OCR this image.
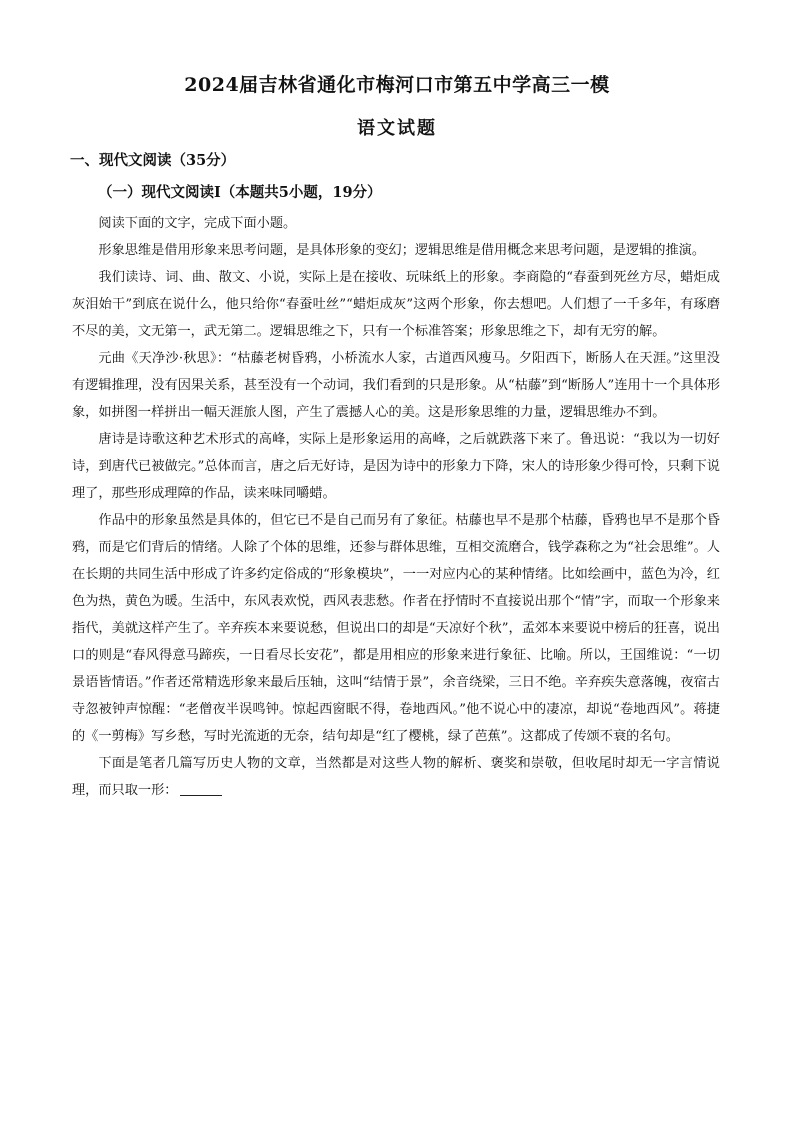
2024届吉林省通化市梅河口市第五中学高三一模
语文试题
一、现代文阅读（35分）
（一）现代文阅读Ⅰ（本题共5小题，19分）

阅读下面的文字，完成下面小题。

形象思维是借用形象来思考问题，是具体形象的变幻；逻辑思维是借用概念来思考问题，是逻辑的推演。

我们读诗、词、曲、散文、小说，实际上是在接收、玩味纸上的形象。李商隐的“春蚕到死丝方尽，蜡炬成灰泪始干”到底在说什么，他只给你“春蚕吐丝”“蜡炬成灰”这两个形象，你去想吧。人们想了一千多年，有琢磨不尽的美，文无第一，武无第二。逻辑思维之下，只有一个标准答案；形象思维之下，却有无穷的解。

元曲《天净沙·秋思》：“枯藤老树昏鸦，小桥流水人家，古道西风瘦马。夕阳西下，断肠人在天涯。”这里没有逻辑推理，没有因果关系，甚至没有一个动词，我们看到的只是形象。从“枯藤”到“断肠人”连用十一个具体形象，如拼图一样拼出一幅天涯旅人图，产生了震撼人心的美。这是形象思维的力量，逻辑思维办不到。

唐诗是诗歌这种艺术形式的高峰，实际上是形象运用的高峰，之后就跌落下来了。鲁迅说：“我以为一切好诗，到唐代已被做完。”总体而言，唐之后无好诗，是因为诗中的形象力下降，宋人的诗形象少得可怜，只剩下说理了，那些形成理障的作品，读来味同嚼蜡。

作品中的形象虽然是具体的，但它已不是自己而另有了象征。枯藤也早不是那个枯藤，昏鸦也早不是那个昏鸦，而是它们背后的情绪。人除了个体的思维，还参与群体思维，互相交流磨合，钱学森称之为“社会思维”。人在长期的共同生活中形成了许多约定俗成的“形象模块”，一一对应内心的某种情绪。比如绘画中，蓝色为冷，红色为热，黄色为暖。生活中，东风表欢悦，西风表悲愁。作者在抒情时不直接说出那个“情”字，而取一个形象来指代，美就这样产生了。辛弃疾本来要说愁，但说出口的却是“天凉好个秋”，孟郊本来要说中榜后的狂喜，说出口的则是“春风得意马蹄疾，一日看尽长安花”，都是用相应的形象来进行象征、比喻。所以，王国维说：“一切景语皆情语。”作者还常精选形象来最后压轴，这叫“结情于景”，余音绕梁，三日不绝。辛弃疾失意落魄，夜宿古寺忽被钟声惊醒：“老僧夜半误鸣钟。惊起西窗眠不得，卷地西风。”他不说心中的凄凉，却说“卷地西风”。蒋捷的《一剪梅》写乡愁，写时光流逝的无奈，结句却是“红了樱桃，绿了芭蕉”。这都成了传颂不衰的名句。

下面是笔者几篇写历史人物的文章，当然都是对这些人物的解析、褒奖和崇敬，但收尾时却无一字言情说理，而只取一形：
